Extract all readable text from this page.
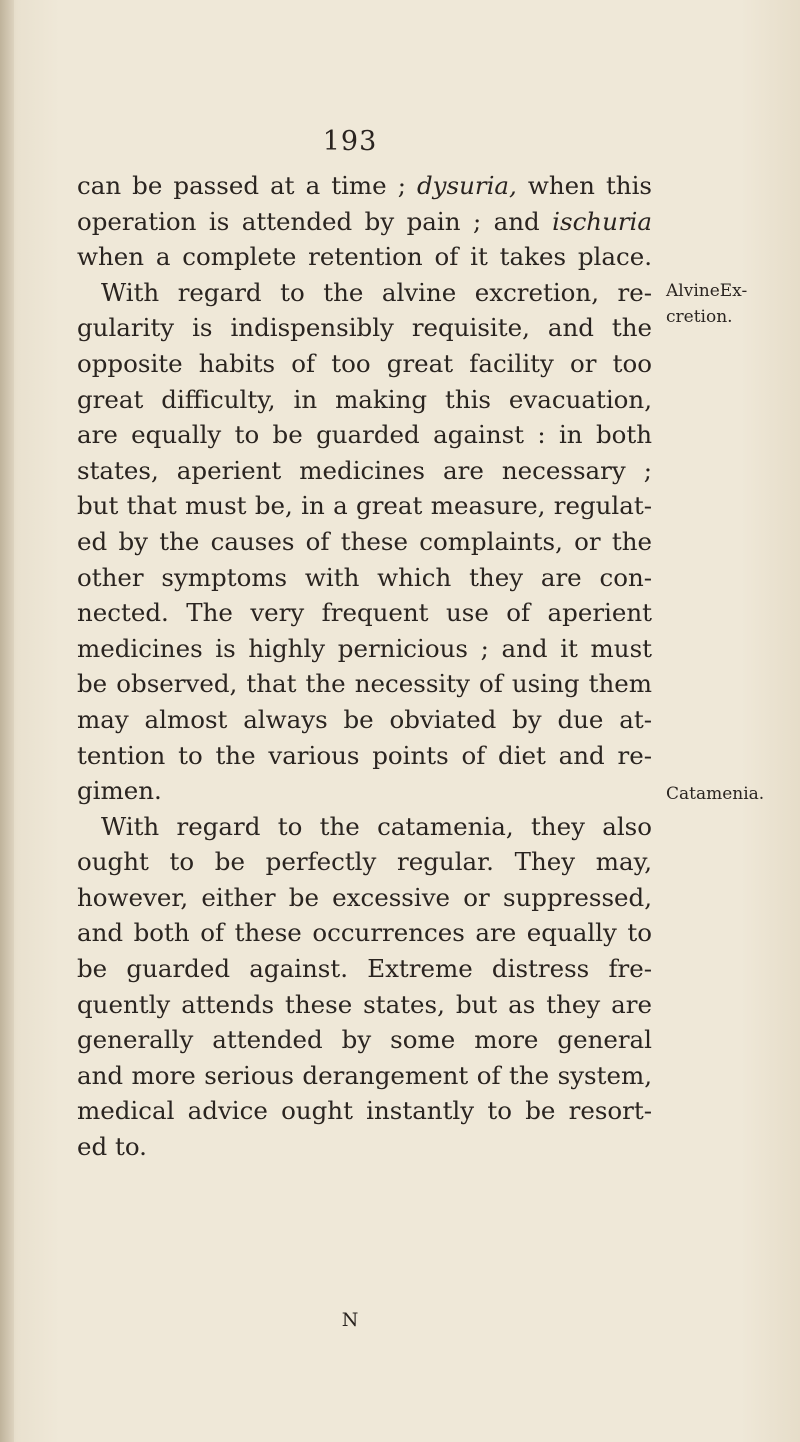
193
can be passed at a time ; dysuria, when this
operation is attended by pain ; and ischuria
when a complete retention of it takes place.
With regard to the alvine excretion, re-
gularity is indispensibly requisite, and the
opposite habits of too great facility or too
great difficulty, in making this evacuation,
are equally to be guarded against : in both
states, aperient medicines are necessary ;
but that must be, in a great measure, regulat-
ed by the causes of these complaints, or the
other symptoms with which they are con-
nected. The very frequent use of aperient
medicines is highly pernicious ; and it must
be observed, that the necessity of using them
may almost always be obviated by due at-
tention to the various points of diet and re-
gimen.
With regard to the catamenia, they also
ought to be perfectly regular. They may,
however, either be excessive or suppressed,
and both of these occurrences are equally to
be guarded against. Extreme distress fre-
quently attends these states, but as they are
generally attended by some more general
and more serious derangement of the system,
medical advice ought instantly to be resort-
ed to.
AlvineEx-
cretion.
Catamenia.
N
